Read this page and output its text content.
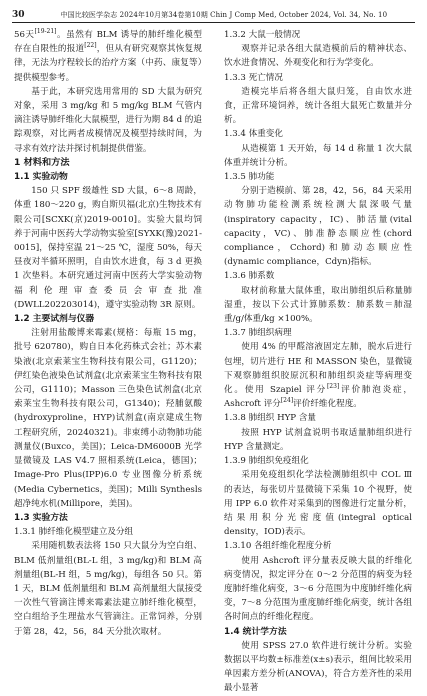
30	中国比较医学杂志 2024年10月第34卷第10期 Chin J Comp Med, October 2024, Vol. 34, No. 10

56天[19-21]。虽然有 BLM 诱导的肺纤维化模型存在自限性的报道[22]，但从有研究观察其恢复规律，无法为疗程较长的治疗方案（中药、康复等）提供模型参考。

基于此，本研究选用常用的 SD 大鼠为研究对象，采用 3 mg/kg 和 5 mg/kg BLM 气管内滴注诱导肺纤维化大鼠模型，进行为期 84 d 的追踪观察，对比两者成模情况及模型持续时间，为寻求有效疗法并探讨机制提供借鉴。

1 材料和方法

1.1 实验动物

150 只 SPF 级雄性 SD 大鼠，6～8 周龄，体重 180～220 g，购自斯贝福(北京)生物技术有限公司[SCXK(京)2019-0010]。实验大鼠均饲养于河南中医药大学动物实验室[SYXK(豫)2021-0015]，保持室温 21～25 ℃，湿度 50%，每天昼夜对半循环照明，自由饮水进食，每 3 d 更换 1 次垫料。本研究通过河南中医药大学实验动物福利伦理审查委员会审查批准(DWLL202203014)，遵守实验动物 3R 原则。

1.2 主要试剂与仪器

注射用盐酸博来霉素(规格：每瓶 15 mg，批号 620780)，购自日本化药株式会社；苏木素染液(北京索莱宝生物科技有限公司，G1120)；伊红染色液染色试剂盒(北京索莱宝生物科技有限公司，G1110)；Masson 三色染色试剂盒(北京索莱宝生物科技有限公司，G1340)；羟脯氨酸(hydroxyproline，HYP)试剂盒(南京建成生物工程研究所，20240321)。非束缚小动物肺功能测量仪(Buxco，美国)；Leica-DM6000B 光学显微镜及 LAS V4.7 照相系统(Leica，德国)；Image-Pro Plus(IPP)6.0 专业图像分析系统(Media Cybernetics，美国)；Milli Synthesls 超净纯水机(Millipore，美国)。

1.3 实验方法

1.3.1 肺纤维化模型建立及分组

采用随机数表法将 150 只大鼠分为空白组、BLM 低剂量组(BL-L 组，3 mg/kg)和 BLM 高剂量组(BL-H 组，5 mg/kg)，每组各 50 只。第 1 天，BLM 低剂量组和 BLM 高剂量组大鼠接受一次性气管滴注博来霉素法建立肺纤维化模型，空白组给予生理盐水气管滴注。正常饲养，分别于第 28，42，56，84 天分批次取材。

1.3.2 大鼠一般情况

观察并记录各组大鼠造模前后的精神状态、饮水进食情况、外观变化和行为学变化。

1.3.3 死亡情况

造模完毕后将各组大鼠归笼，自由饮水进食，正常环境饲养，统计各组大鼠死亡数量并分析。

1.3.4 体重变化

从造模第 1 天开始，每 14 d 称量 1 次大鼠体重并统计分析。

1.3.5 肺功能

分别于造模前、第 28，42，56，84 天采用动物肺功能检测系统检测大鼠深吸气量(inspiratory capacity，IC)、肺活量(vital capacity，VC)、肺准静态顺应性(chord compliance，Cchord)和肺动态顺应性(dynamic compliance，Cdyn)指标。

1.3.6 肺系数

取材前称量大鼠体重，取出肺组织后称量肺湿重，按以下公式计算肺系数：肺系数＝肺湿重/g/体重/kg ×100%。

1.3.7 肺组织病理

使用 4% 的甲醛溶液固定左肺，脱水后进行包埋，切片进行 HE 和 MASSON 染色，显微镜下观察肺组织胶原沉积和肺组织炎症等病理变化。使用 Szapiel 评分[23]评价肺泡炎症，Ashcroft 评分[24]评价纤维化程度。

1.3.8 肺组织 HYP 含量

按照 HYP 试剂盒说明书取适量肺组织进行 HYP 含量测定。

1.3.9 肺组织免疫组化

采用免疫组织化学法检测肺组织中 COL Ⅲ 的表达，每张切片显微镜下采集 10 个视野，使用 IPP 6.0 软件对采集到的图像进行定量分析，结果用积分光密度值(integral optical density，IOD)表示。

1.3.10 各组纤维化程度分析

使用 Ashcroft 评分量表反映大鼠的纤维化病变情况，拟定评分在 0～2 分范围的病变为轻度肺纤维化病变，3～6 分范围为中度肺纤维化病变，7～8 分范围为重度肺纤维化病变，统计各组各时间点的纤维化程度。

1.4 统计学方法

使用 SPSS 27.0 软件进行统计分析。实验数据以平均数±标准差(x±s)表示，组间比较采用单因素方差分析(ANOVA)，符合方差齐性的采用最小显著
